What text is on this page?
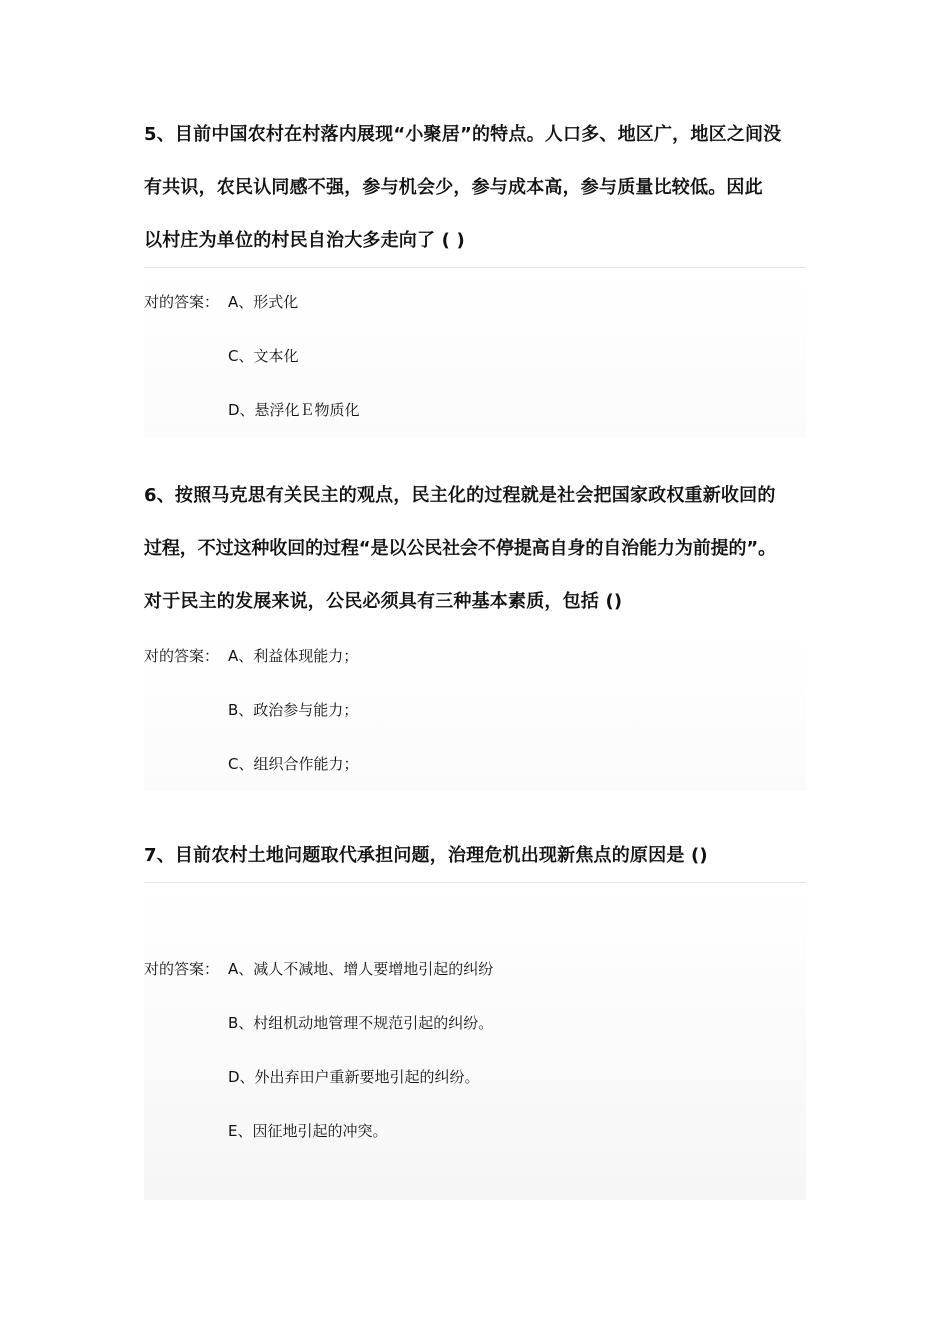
5、目前中国农村在村落内展现“小聚居”的特点。人口多、地区广，地区之间没

有共识，农民认同感不强，参与机会少，参与成本高，参与质量比较低。因此

以村庄为单位的村民自治大多走向了 ( )

对的答案： A、形式化
C、文本化
D、悬浮化Ｅ物质化

6、按照马克思有关民主的观点，民主化的过程就是社会把国家政权重新收回的

过程，不过这种收回的过程“是以公民社会不停提高自身的自治能力为前提的”。

对于民主的发展来说，公民必须具有三种基本素质，包括 ()

对的答案： A、利益体现能力；
B、政治参与能力；
C、组织合作能力；

7、目前农村土地问题取代承担问题，治理危机出现新焦点的原因是 ()

对的答案： A、减人不减地、增人要增地引起的纠纷
B、村组机动地管理不规范引起的纠纷。
D、外出弃田户重新要地引起的纠纷。
E、因征地引起的冲突。
